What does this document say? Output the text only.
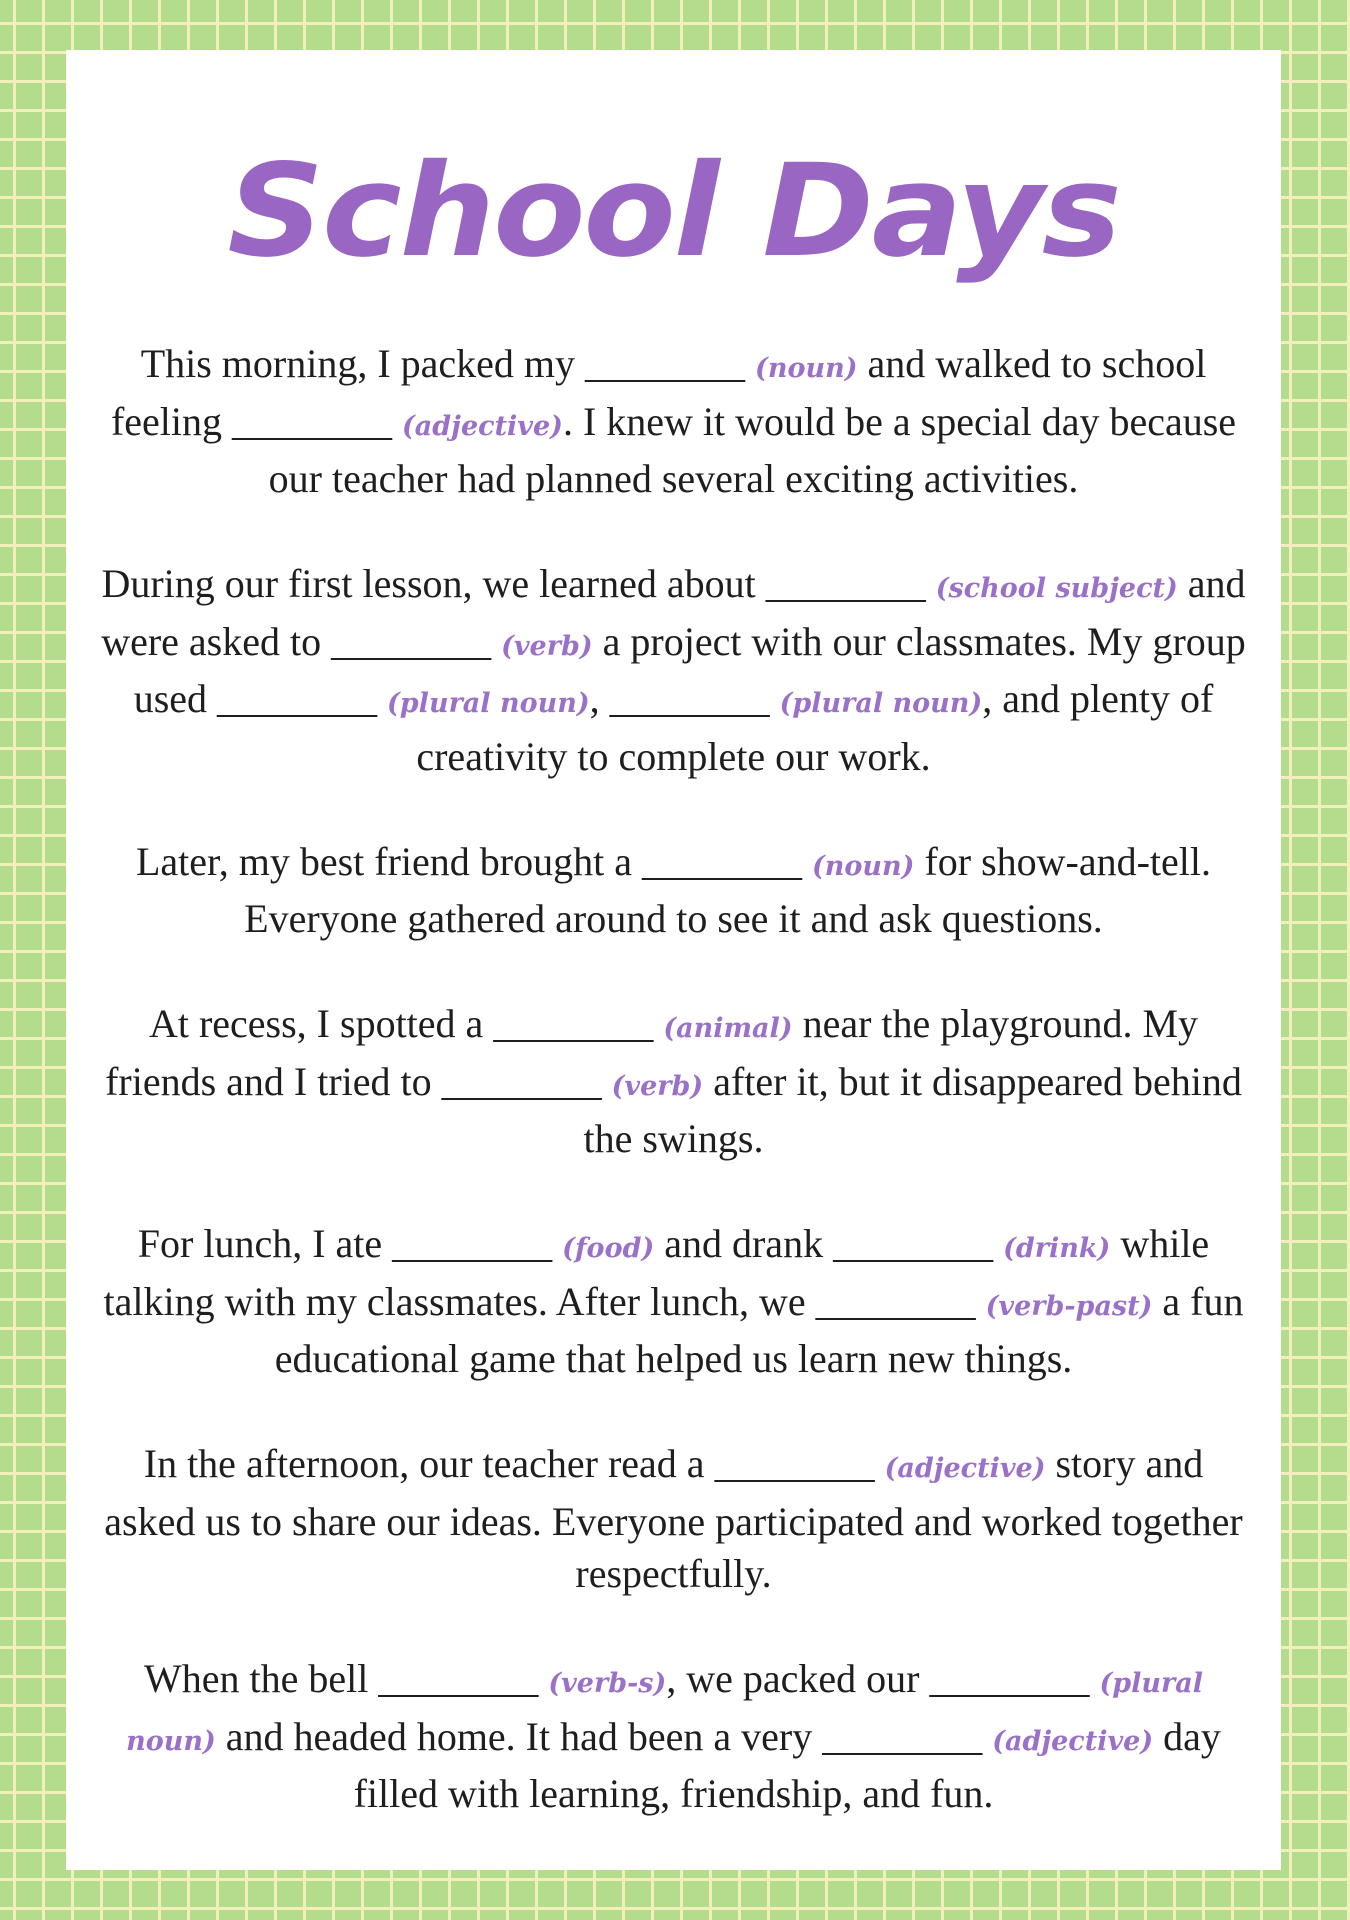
School Days

This morning, I packed my ________ (noun) and walked to school feeling ________ (adjective). I knew it would be a special day because our teacher had planned several exciting activities.

During our first lesson, we learned about ________ (school subject) and were asked to ________ (verb) a project with our classmates. My group used ________ (plural noun), ________ (plural noun), and plenty of creativity to complete our work.

Later, my best friend brought a ________ (noun) for show-and-tell. Everyone gathered around to see it and ask questions.

At recess, I spotted a ________ (animal) near the playground. My friends and I tried to ________ (verb) after it, but it disappeared behind the swings.

For lunch, I ate ________ (food) and drank ________ (drink) while talking with my classmates. After lunch, we ________ (verb-past) a fun educational game that helped us learn new things.

In the afternoon, our teacher read a ________ (adjective) story and asked us to share our ideas. Everyone participated and worked together respectfully.

When the bell ________ (verb-s), we packed our ________ (plural noun) and headed home. It had been a very ________ (adjective) day filled with learning, friendship, and fun.
